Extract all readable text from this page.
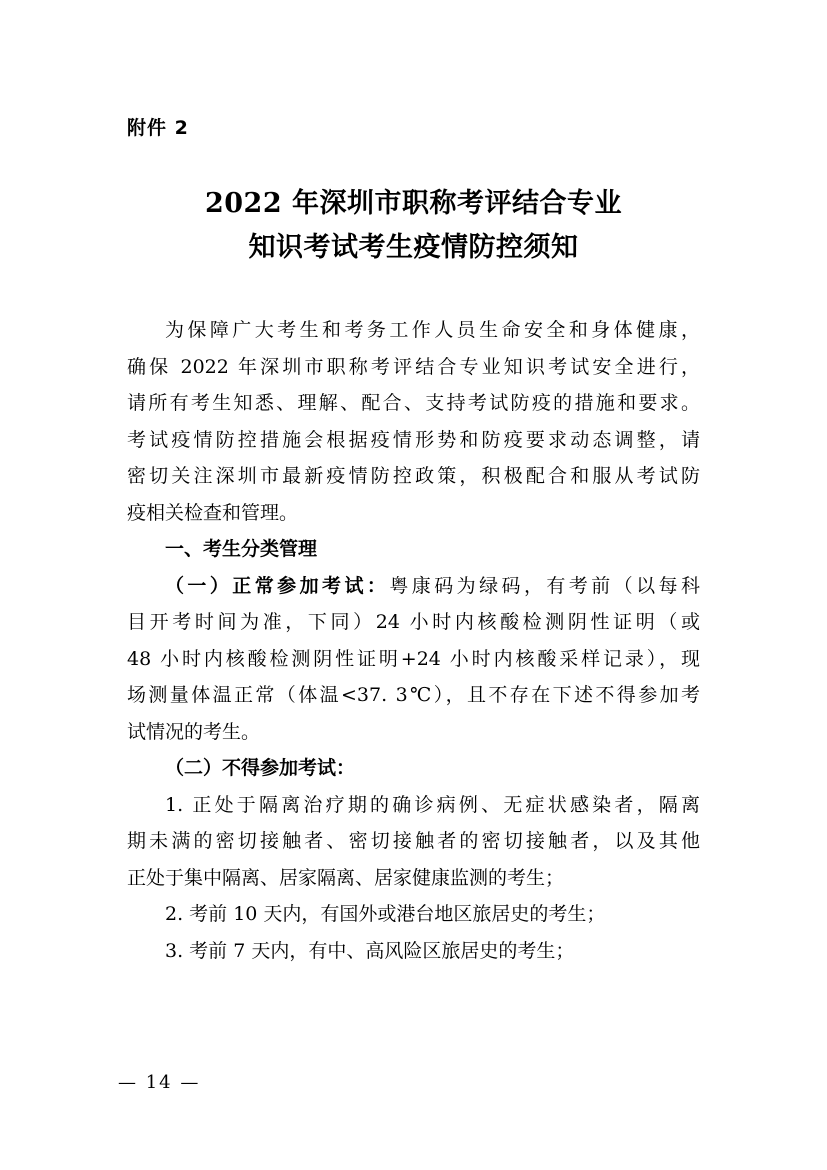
附件 2
2022 年深圳市职称考评结合专业
知识考试考生疫情防控须知
为保障广大考生和考务工作人员生命安全和身体健康，
确保 2022 年深圳市职称考评结合专业知识考试安全进行，
请所有考生知悉、理解、配合、支持考试防疫的措施和要求。
考试疫情防控措施会根据疫情形势和防疫要求动态调整，请
密切关注深圳市最新疫情防控政策，积极配合和服从考试防
疫相关检查和管理。
一、考生分类管理
（一）正常参加考试：粤康码为绿码，有考前（以每科
目开考时间为准，下同）24 小时内核酸检测阴性证明（或
48 小时内核酸检测阴性证明+24 小时内核酸采样记录），现
场测量体温正常（体温<37. 3℃），且不存在下述不得参加考
试情况的考生。
（二）不得参加考试：
1. 正处于隔离治疗期的确诊病例、无症状感染者，隔离
期未满的密切接触者、密切接触者的密切接触者，以及其他
正处于集中隔离、居家隔离、居家健康监测的考生；
2. 考前 10 天内，有国外或港台地区旅居史的考生；
3. 考前 7 天内，有中、高风险区旅居史的考生；
— 14 —
